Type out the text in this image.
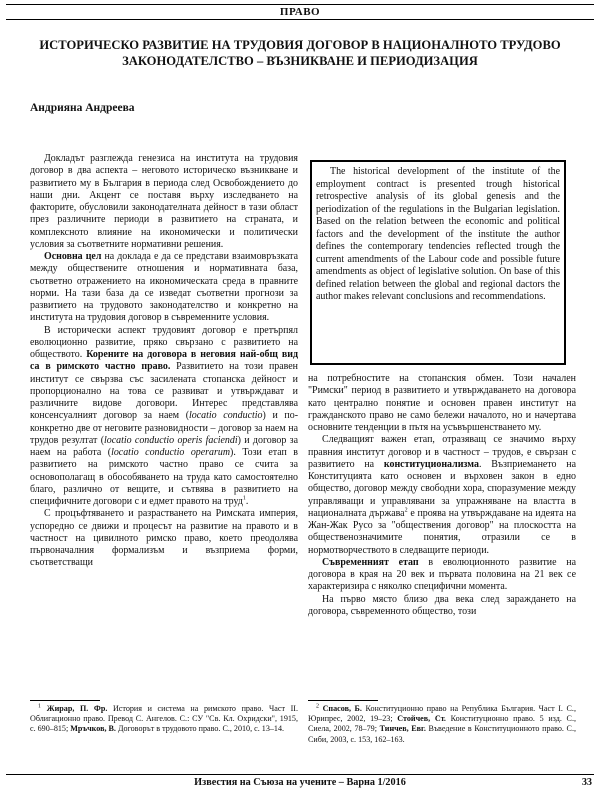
ПРАВО
ИСТОРИЧЕСКО РАЗВИТИЕ НА ТРУДОВИЯ ДОГОВОР В НАЦИОНАЛНОТО ТРУДОВО
ЗАКОНОДАТЕЛСТВО – ВЪЗНИКВАНЕ И ПЕРИОДИЗАЦИЯ
Андрияна Андреева

Докладът разглежда генезиса на института на трудовия договор в два аспекта – неговото историческо възникване и развитието му в България в периода след Освобождението до наши дни. Акцент се поставя върху изследването на факторите, обусловили законодателната дейност в тази област през различните периоди в развитието на страната, и комплексното влияние на икономически и политически условия за съответните нормативни решения.

Основна цел на доклада е да се представи взаимовръзката между обществените отношения и нормативната база, съответно отражението на икономическата среда в правните норми. На тази база да се изведат съответни прогнози за развитието на трудовото законодателство и конкретно на института на трудовия договор в съвременните условия.

В исторически аспект трудовият договор е претърпял еволюционно развитие, пряко свързано с развитието на обществото. Корените на договора в неговия най-общ вид са в римското частно право. Развитието на този правен институт се свързва със засилената стопанска дейност и пропорционално на това се развиват и утвърждават и различните видове договори. Интерес представлява консенсуалният договор за наем (locatio conductio) и по-конкретно две от неговите разновидности – договор за наем на трудов резултат (locatio conductio operis faciendi) и договор за наем на работа (locatio conductio operarum). Този етап в развитието на римското частно право се счита за основополагащ в обособяването на труда като самостоятелно благо, различно от вещите, и сътвява в развитието на специфичните договори с и едмет правото на труд$^1$.

С процъфтяването и разрастването на Римската империя, успоредно се движи и процесът на развитие на правото и в частност на цивилното римско право, което преодолява първоначалния формализъм и възприема форми, съответстващи

The historical development of the institute of the employment contract is presented trough historical retrospective analysis of its global genesis and the periodization of the regulations in the Bulgarian legislation. Based on the relation between the economic and political factors and the development of the institute the author defines the contemporary tendencies reflected trough the current amendments of the Labour code and possible future amendments as object of legislative solution. On base of this defined relation between the global and regional dactors the author makes relevant conclusions and recommendations.

на потребностите на стопанския обмен. Този начален "Римски" период в развитието и утвърждаването на договора като централно понятие и основен правен институт на гражданското право не само бележи началото, но и начертава основните тенденции в пътя на усъвършенстването му.

Следващият важен етап, отразяващ се значимо върху правния институт договор и в частност – трудов, е свързан с развитието на конституционализма. Възприемането на Конституцията като основен и върховен закон в едно общество, договор между свободни хора, споразумение между управляващи и управлявани за упражняване на властта в националната държава$^2$ е проява на утвърждаване на идеята на Жан-Жак Русо за "обществения договор" на плоскостта на общественозначимите понятия, отразили се в нормотворчеството в следващите периоди.

Съвременният етап в еволюционното развитие на договора в края на 20 век и първата половина на 21 век се характеризира с няколко специфични момента.

На първо място близо два века след зараждането на договора, съвременното общество, този

$^1$ Жирар, П. Фр. История и система на римското право. Част II. Облигационно право. Превод С. Ангелов. С.: СУ "Св. Кл. Охридски", 1915, с. 690–815; Мръчков, В. Договорът в трудовото право. С., 2010, с. 13–14.

$^2$ Спасов, Б. Конституционно право на Република България. Част I. С., Юрипрес, 2002, 19–23; Стойчев, Ст. Конституционно право. 5 изд. С., Сиела, 2002, 78–79; Тинчев, Евг. Въведение в Конституционното право. С., Сиби, 2003, с. 153, 162–163.

Известия на Съюза на учените – Варна 1/2016	33
